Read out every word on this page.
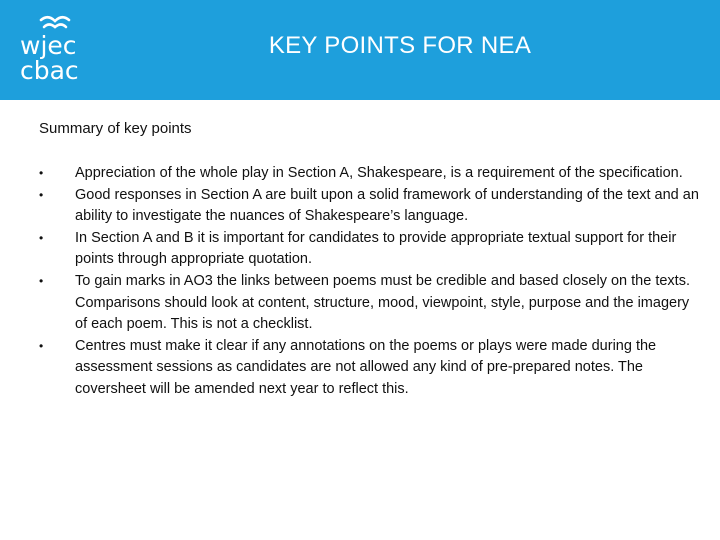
wjec
cbac
KEY POINTS FOR NEA
Summary of key points
•	Appreciation of the whole play in Section A, Shakespeare, is a requirement of the specification.
•	Good responses in Section A are built upon a solid framework of understanding of the text and an ability to investigate the nuances of Shakespeare’s language.
•	In Section A and B it is important for candidates to provide appropriate textual support for their points through appropriate quotation.
•	To gain marks in AO3 the links between poems must be credible and based closely on the texts. Comparisons should look at content, structure, mood, viewpoint, style, purpose and the imagery of each poem. This is not a checklist.
•	Centres must make it clear if any annotations on the poems or plays were made during the assessment sessions as candidates are not allowed any kind of pre-prepared notes. The coversheet will be amended next year to reflect this.
